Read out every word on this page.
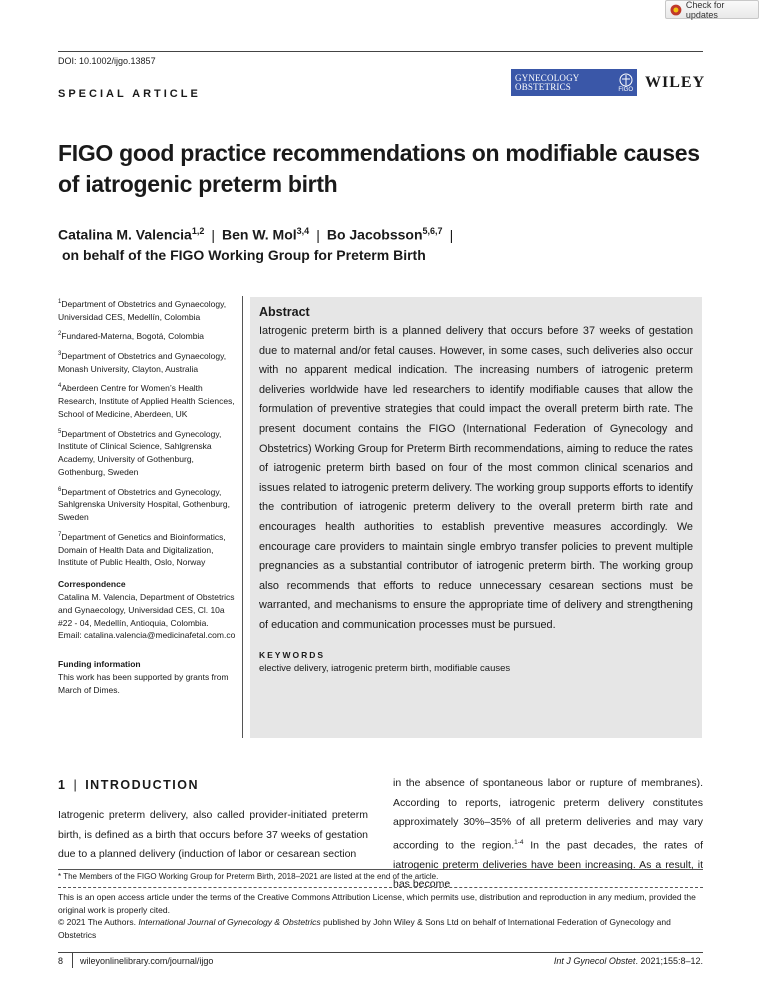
Check for updates
DOI: 10.1002/ijgo.13857
SPECIAL ARTICLE
GYNECOLOGY
OBSTETRICS	FIGO WILEY
FIGO good practice recommendations on modifiable causes of iatrogenic preterm birth
Catalina M. Valencia$^{1,2}$ | Ben W. Mol$^{3,4}$ | Bo Jacobsson$^{5,6,7}$ |
on behalf of the FIGO Working Group for Preterm Birth
$^1$Department of Obstetrics and Gynaecology, Universidad CES, Medellín, Colombia
$^2$Fundared-Materna, Bogotá, Colombia
$^3$Department of Obstetrics and Gynaecology, Monash University, Clayton, Australia
$^4$Aberdeen Centre for Women’s Health Research, Institute of Applied Health Sciences, School of Medicine, Aberdeen, UK
$^5$Department of Obstetrics and Gynecology, Institute of Clinical Science, Sahlgrenska Academy, University of Gothenburg, Gothenburg, Sweden
$^6$Department of Obstetrics and Gynecology, Sahlgrenska University Hospital, Gothenburg, Sweden
$^7$Department of Genetics and Bioinformatics, Domain of Health Data and Digitalization, Institute of Public Health, Oslo, Norway
Correspondence
Catalina M. Valencia, Department of Obstetrics and Gynaecology, Universidad CES, Cl. 10a #22 - 04, Medellín, Antioquia, Colombia.
Email: catalina.valencia@medicinafetal.com.co
Funding information
This work has been supported by grants from March of Dimes.
Abstract

Iatrogenic preterm birth is a planned delivery that occurs before 37 weeks of gestation due to maternal and/or fetal causes. However, in some cases, such deliveries also occur with no apparent medical indication. The increasing numbers of iatrogenic preterm deliveries worldwide have led researchers to identify modifiable causes that allow the formulation of preventive strategies that could impact the overall preterm birth rate. The present document contains the FIGO (International Federation of Gynecology and Obstetrics) Working Group for Preterm Birth recommendations, aiming to reduce the rates of iatrogenic preterm birth based on four of the most common clinical scenarios and issues related to iatrogenic preterm delivery. The working group supports efforts to identify the contribution of iatrogenic preterm delivery to the overall preterm birth rate and encourages health authorities to establish preventive measures accordingly. We encourage care providers to maintain single embryo transfer policies to prevent multiple pregnancies as a substantial contributor of iatrogenic preterm birth. The working group also recommends that efforts to reduce unnecessary cesarean sections must be warranted, and mechanisms to ensure the appropriate time of delivery and strengthening of education and communication processes must be pursued.

KEYWORDS
elective delivery, iatrogenic preterm birth, modifiable causes
1 | INTRODUCTION

Iatrogenic preterm delivery, also called provider-initiated preterm birth, is defined as a birth that occurs before 37 weeks of gestation due to a planned delivery (induction of labor or cesarean section

in the absence of spontaneous labor or rupture of membranes). According to reports, iatrogenic preterm delivery constitutes approximately 30%–35% of all preterm deliveries and may vary according to the region.$^{1-4}$ In the past decades, the rates of iatrogenic preterm deliveries have been increasing. As a result, it has become

* The Members of the FIGO Working Group for Preterm Birth, 2018–2021 are listed at the end of the article.
This is an open access article under the terms of the Creative Commons Attribution License, which permits use, distribution and reproduction in any medium, provided the original work is properly cited.
© 2021 The Authors. International Journal of Gynecology & Obstetrics published by John Wiley & Sons Ltd on behalf of International Federation of Gynecology and Obstetrics
8 wileyonlinelibrary.com/journal/ijgo	Int J Gynecol Obstet. 2021;155:8–12.
